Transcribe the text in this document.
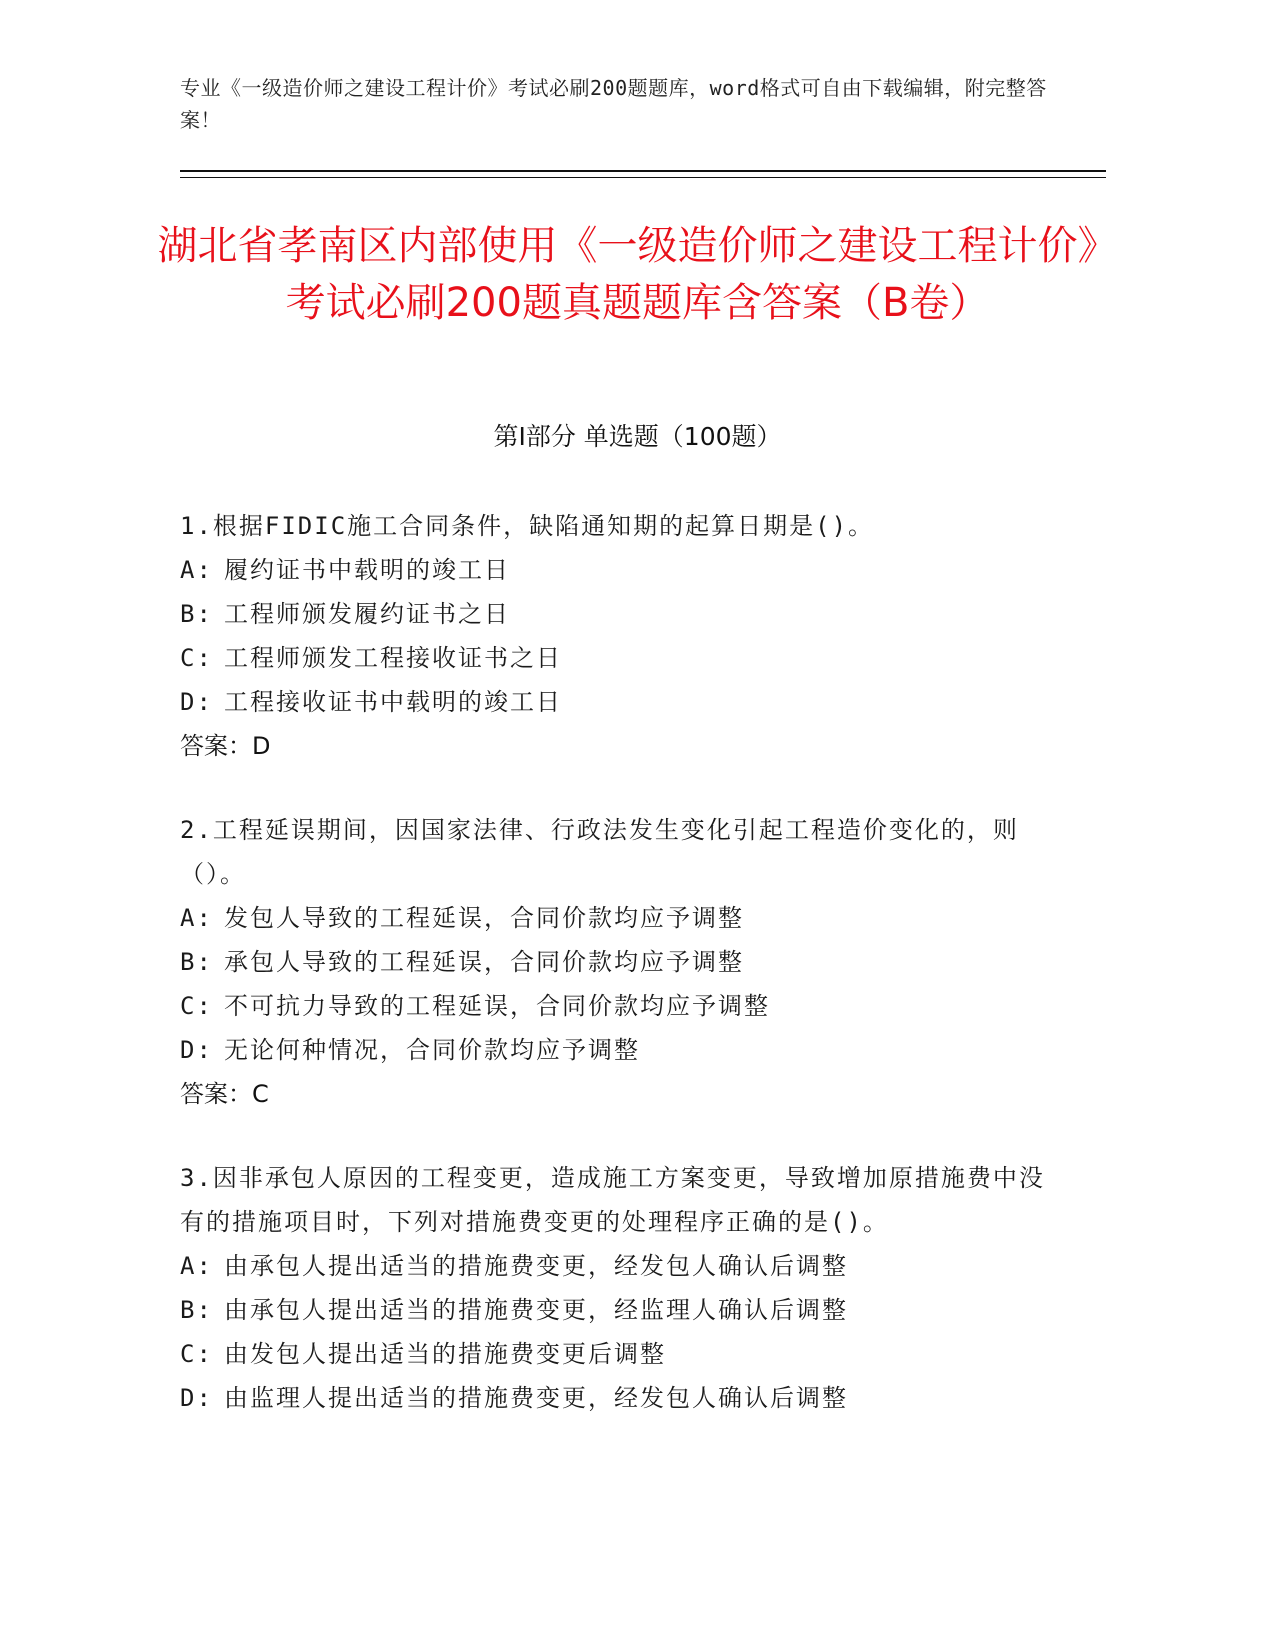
专业《一级造价师之建设工程计价》考试必刷200题题库，word格式可自由下载编辑，附完整答案！
湖北省孝南区内部使用《一级造价师之建设工程计价》考试必刷200题真题题库含答案（B卷）
第I部分 单选题（100题）

1.根据FIDIC施工合同条件，缺陷通知期的起算日期是()。

A: 履约证书中载明的竣工日

B: 工程师颁发履约证书之日

C: 工程师颁发工程接收证书之日

D: 工程接收证书中载明的竣工日

答案：D

2.工程延误期间，因国家法律、行政法发生变化引起工程造价变化的，则（）。

A: 发包人导致的工程延误，合同价款均应予调整

B: 承包人导致的工程延误，合同价款均应予调整

C: 不可抗力导致的工程延误，合同价款均应予调整

D: 无论何种情况，合同价款均应予调整

答案：C

3.因非承包人原因的工程变更，造成施工方案变更，导致增加原措施费中没有的措施项目时，下列对措施费变更的处理程序正确的是()。

A: 由承包人提出适当的措施费变更，经发包人确认后调整

B: 由承包人提出适当的措施费变更，经监理人确认后调整

C: 由发包人提出适当的措施费变更后调整

D: 由监理人提出适当的措施费变更，经发包人确认后调整
